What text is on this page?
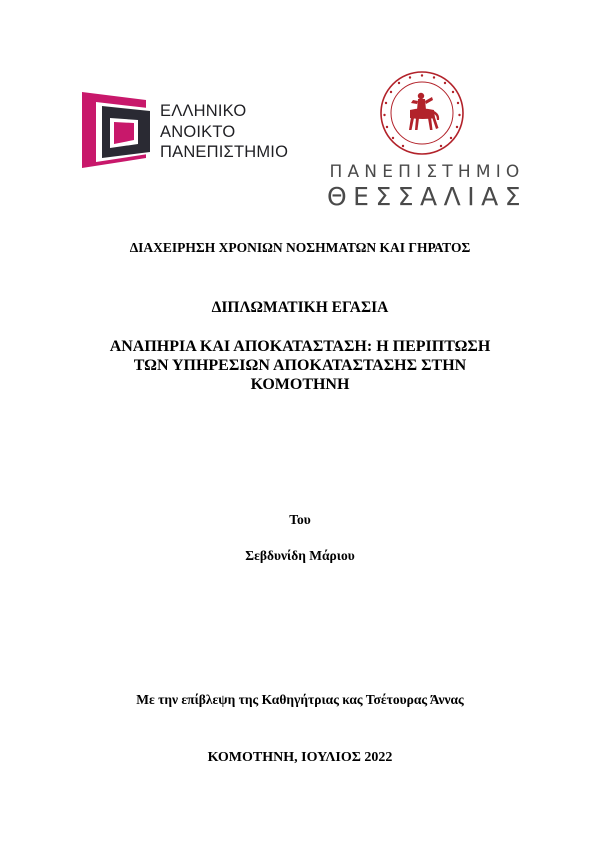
ΕΛΛΗΝΙΚΟ
ΑΝΟΙΚΤΟ
ΠΑΝΕΠΙΣΤΗΜΙΟ
ΠΑΝΕΠΙΣΤΗΜΙΟ
ΘΕΣΣΑΛΙΑΣ
ΔΙΑΧΕΙΡΗΣΗ ΧΡΟΝΙΩΝ ΝΟΣΗΜΑΤΩΝ ΚΑΙ ΓΗΡΑΤΟΣ
ΔΙΠΛΩΜΑΤΙΚΗ ΕΓΑΣΙΑ
ΑΝΑΠΗΡΙΑ ΚΑΙ ΑΠΟΚΑΤΑΣΤΑΣΗ: Η ΠΕΡΙΠΤΩΣΗ
ΤΩΝ ΥΠΗΡΕΣΙΩΝ ΑΠΟΚΑΤΑΣΤΑΣΗΣ ΣΤΗΝ
ΚΟΜΟΤΗΝΗ
Του
Σεβδυνίδη Μάριου
Με την επίβλεψη της Καθηγήτριας κας Τσέτουρας Άννας
ΚΟΜΟΤΗΝΗ, ΙΟΥΛΙΟΣ 2022
